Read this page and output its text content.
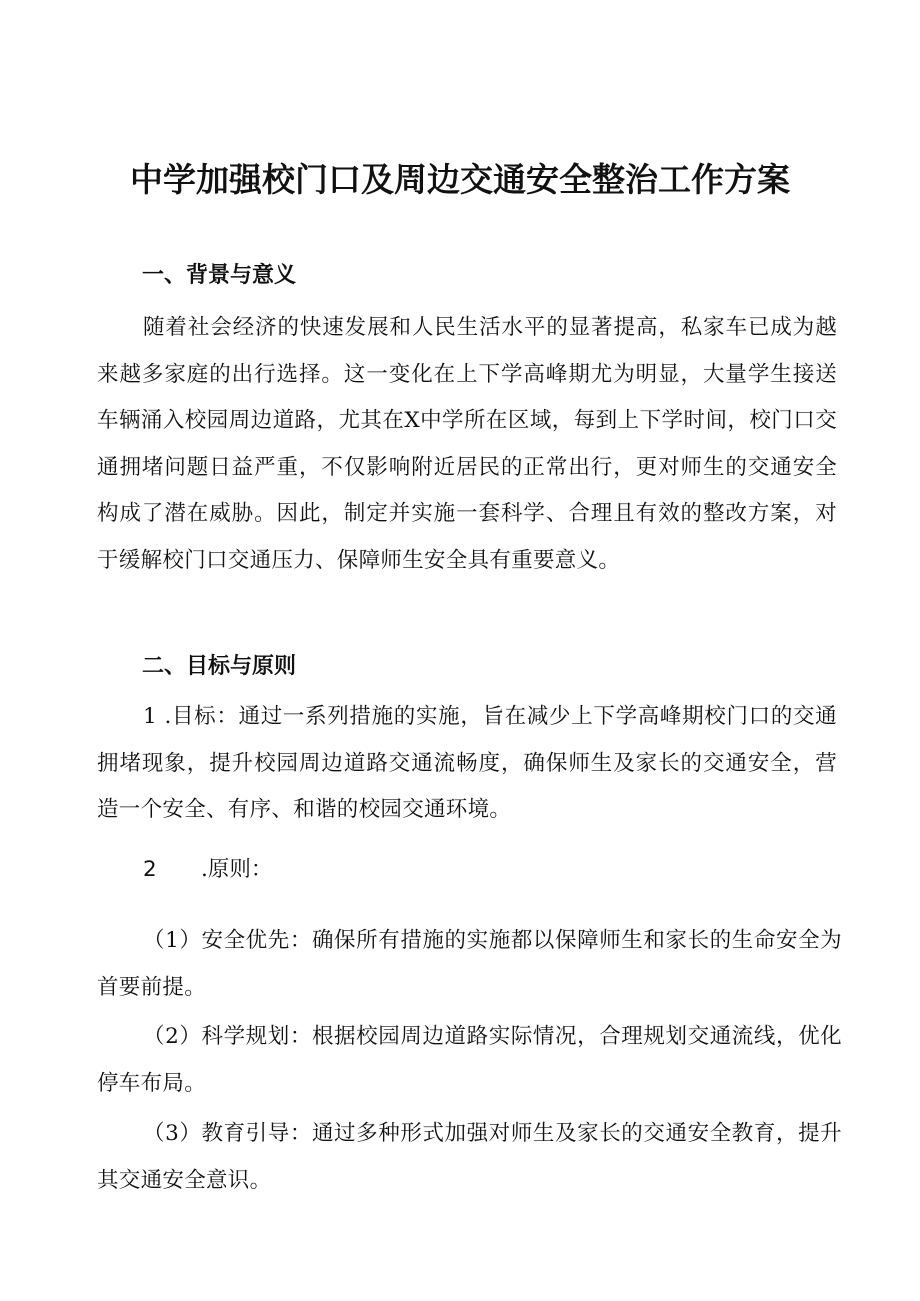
中学加强校门口及周边交通安全整治工作方案
一、背景与意义
随着社会经济的快速发展和人民生活水平的显著提高，私家车已成为越来越多家庭的出行选择。这一变化在上下学高峰期尤为明显，大量学生接送车辆涌入校园周边道路，尤其在X中学所在区域，每到上下学时间，校门口交通拥堵问题日益严重，不仅影响附近居民的正常出行，更对师生的交通安全构成了潜在威胁。因此，制定并实施一套科学、合理且有效的整改方案，对于缓解校门口交通压力、保障师生安全具有重要意义。
二、目标与原则
1 .目标：通过一系列措施的实施，旨在减少上下学高峰期校门口的交通拥堵现象，提升校园周边道路交通流畅度，确保师生及家长的交通安全，营造一个安全、有序、和谐的校园交通环境。
2 .原则：
（1）安全优先：确保所有措施的实施都以保障师生和家长的生命安全为首要前提。
（2）科学规划：根据校园周边道路实际情况，合理规划交通流线，优化停车布局。
（3）教育引导：通过多种形式加强对师生及家长的交通安全教育，提升其交通安全意识。
